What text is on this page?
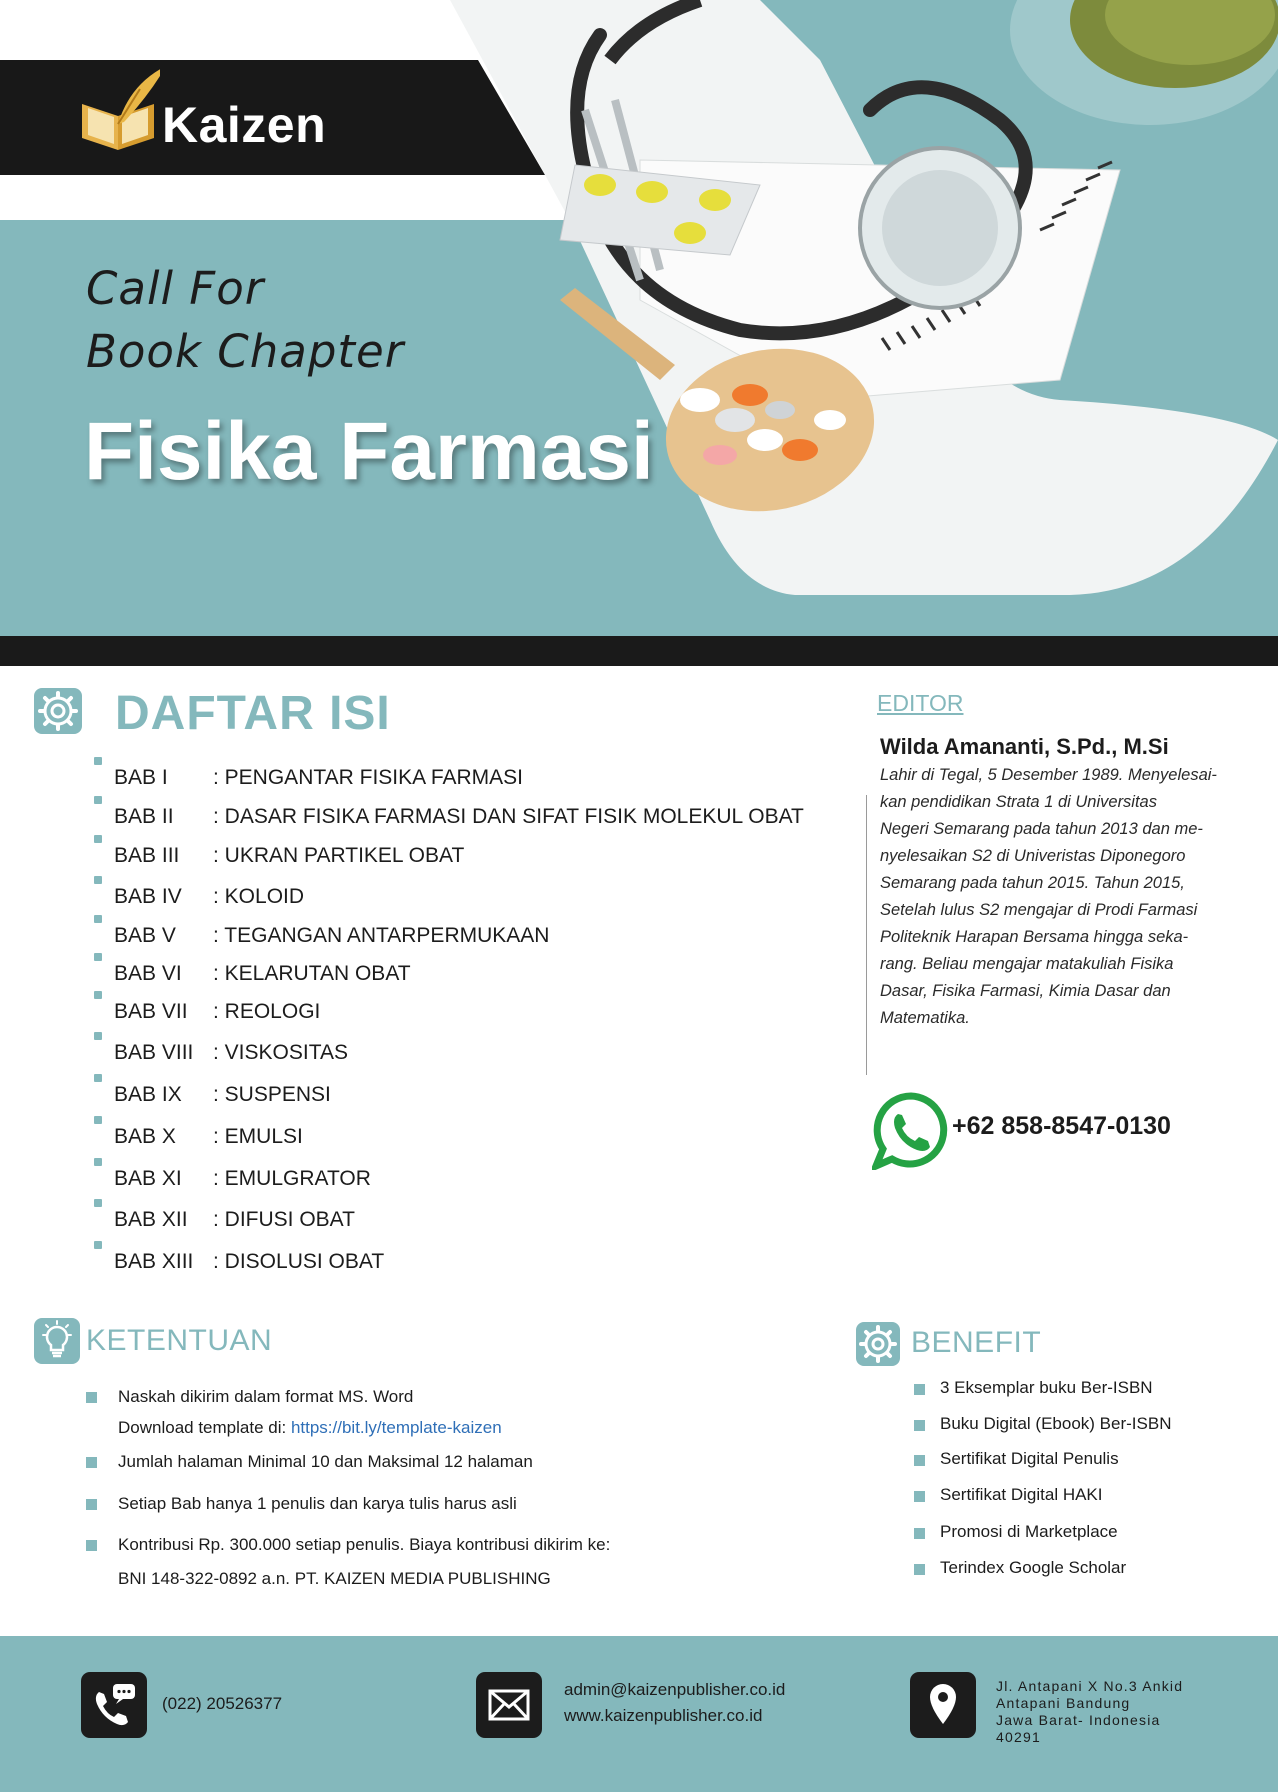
Kaizen
Call For
Book Chapter
Fisika Farmasi
DAFTAR ISI
BAB I : PENGANTAR FISIKA FARMASI
BAB II : DASAR FISIKA FARMASI DAN SIFAT FISIK MOLEKUL OBAT
BAB III : UKRAN PARTIKEL OBAT
BAB IV : KOLOID
BAB V : TEGANGAN ANTARPERMUKAAN
BAB VI : KELARUTAN OBAT
BAB VII : REOLOGI
BAB VIII : VISKOSITAS
BAB IX : SUSPENSI
BAB X : EMULSI
BAB XI : EMULGRATOR
BAB XII : DIFUSI OBAT
BAB XIII : DISOLUSI OBAT
EDITOR
Wilda Amananti, S.Pd., M.Si
Lahir di Tegal, 5 Desember 1989. Menyelesai-
kan pendidikan Strata 1 di Universitas
Negeri Semarang pada tahun 2013 dan me-
nyelesaikan S2 di Univeristas Diponegoro
Semarang pada tahun 2015. Tahun 2015,
Setelah lulus S2 mengajar di Prodi Farmasi
Politeknik Harapan Bersama hingga seka-
rang. Beliau mengajar matakuliah Fisika
Dasar, Fisika Farmasi, Kimia Dasar dan
Matematika.
+62 858-8547-0130
KETENTUAN
Naskah dikirim dalam format MS. Word
Download template di: https://bit.ly/template-kaizen
Jumlah halaman Minimal 10 dan Maksimal 12 halaman
Setiap Bab hanya 1 penulis dan karya tulis harus asli
Kontribusi Rp. 300.000 setiap penulis. Biaya kontribusi dikirim ke:
BNI 148-322-0892 a.n. PT. KAIZEN MEDIA PUBLISHING
BENEFIT
3 Eksemplar buku Ber-ISBN
Buku Digital (Ebook) Ber-ISBN
Sertifikat Digital Penulis
Sertifikat Digital HAKI
Promosi di Marketplace
Terindex Google Scholar
(022) 20526377
admin@kaizenpublisher.co.id
www.kaizenpublisher.co.id
Jl. Antapani X No.3 Ankid
Antapani Bandung
Jawa Barat- Indonesia
40291
